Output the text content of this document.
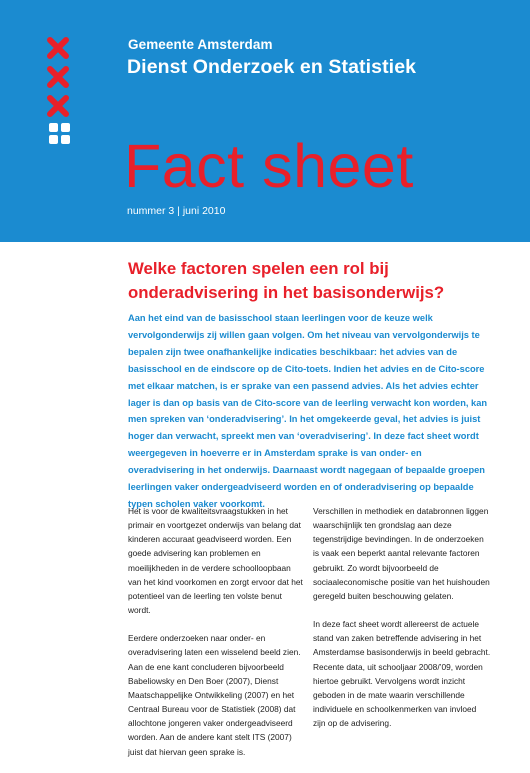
Gemeente Amsterdam
Dienst Onderzoek en Statistiek
Fact sheet
nummer 3 | juni 2010
Welke factoren spelen een rol bij onderadvisering in het basisonderwijs?

Aan het eind van de basisschool staan leerlingen voor de keuze welk vervolgonderwijs zij willen gaan volgen. Om het niveau van vervolgonderwijs te bepalen zijn twee onafhankelijke indicaties beschikbaar: het advies van de basisschool en de eindscore op de Cito-toets. Indien het advies en de Cito-score met elkaar matchen, is er sprake van een passend advies. Als het advies echter lager is dan op basis van de Cito-score van de leerling verwacht kon worden, kan men spreken van ‘onderadvisering’. In het omgekeerde geval, het advies is juist hoger dan verwacht, spreekt men van ‘overadvisering’. In deze fact sheet wordt weergegeven in hoeverre er in Amsterdam sprake is van onder- en overadvisering in het onderwijs. Daarnaast wordt nagegaan of bepaalde groepen leerlingen vaker ondergeadviseerd worden en of onderadvisering op bepaalde typen scholen vaker voorkomt.

Het is voor de kwaliteitsvraagstukken in het primair en voortgezet onderwijs van belang dat kinderen accuraat geadviseerd worden. Een goede advisering kan problemen en moeilijkheden in de verdere schoolloopbaan van het kind voorkomen en zorgt ervoor dat het potentieel van de leerling ten volste benut wordt.

Eerdere onderzoeken naar onder- en overadvisering laten een wisselend beeld zien. Aan de ene kant concluderen bijvoorbeeld Babeliowsky en Den Boer (2007), Dienst Maatschappelijke Ontwikkeling (2007) en het Centraal Bureau voor de Statistiek (2008) dat allochtone jongeren vaker ondergeadviseerd worden. Aan de andere kant stelt ITS (2007) juist dat hiervan geen sprake is.

Verschillen in methodiek en databronnen liggen waarschijnlijk ten grondslag aan deze tegenstrijdige bevindingen. In de onderzoeken is vaak een beperkt aantal relevante factoren gebruikt. Zo wordt bijvoorbeeld de sociaaleconomische positie van het huishouden geregeld buiten beschouwing gelaten.

In deze fact sheet wordt allereerst de actuele stand van zaken betreffende advisering in het Amsterdamse basisonderwijs in beeld gebracht. Recente data, uit schooljaar 2008/’09, worden hiertoe gebruikt. Vervolgens wordt inzicht geboden in de mate waarin verschillende individuele en schoolkenmerken van invloed zijn op de advisering.
